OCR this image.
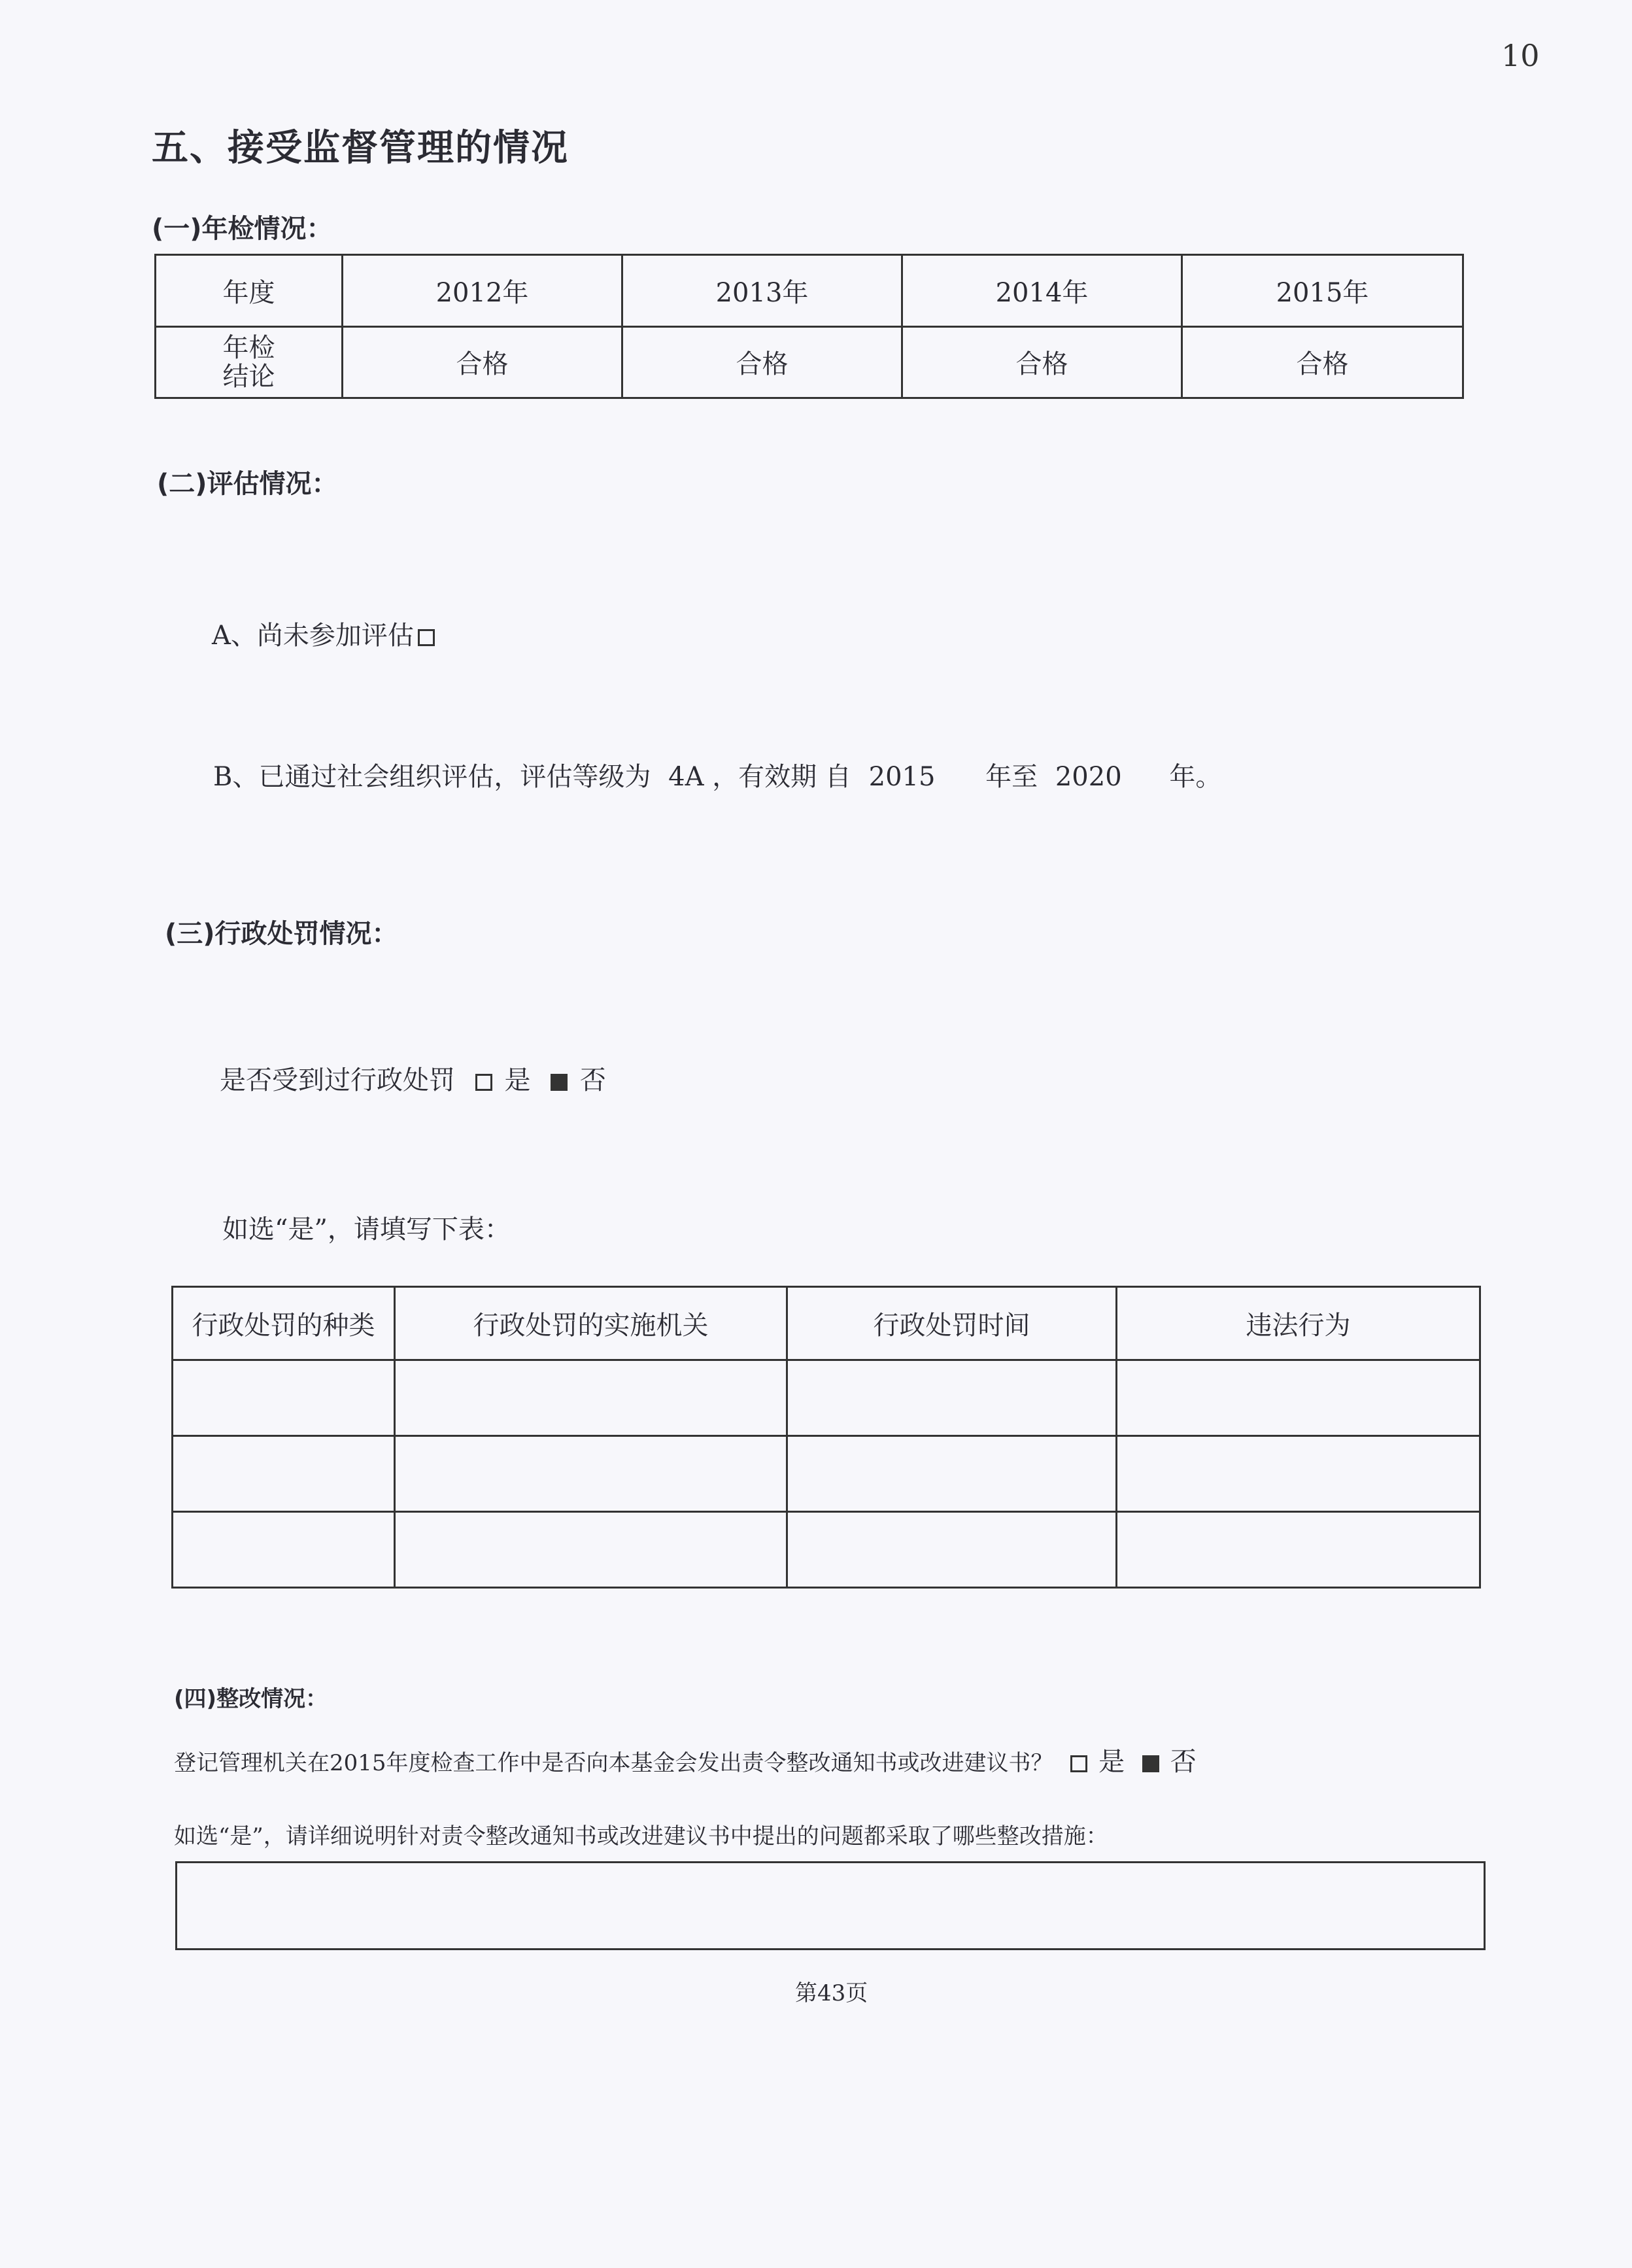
10
五、接受监督管理的情况
(一)年检情况：
年度	2012年	2013年	2014年	2015年

年检
结论	合格	合格	合格	合格
(二)评估情况：
A、尚未参加评估
B、已通过社会组织评估，评估等级为 4A ，有效期 自 2015 年至 2020 年。
(三)行政处罚情况：
是否受到过行政处罚 是 否
如选“是”，请填写下表：
行政处罚的种类	行政处罚的实施机关	行政处罚时间	违法行为

(四)整改情况：
登记管理机关在2015年度检查工作中是否向本基金会发出责令整改通知书或改进建议书？ 是 否
如选“是”，请详细说明针对责令整改通知书或改进建议书中提出的问题都采取了哪些整改措施：
第43页
